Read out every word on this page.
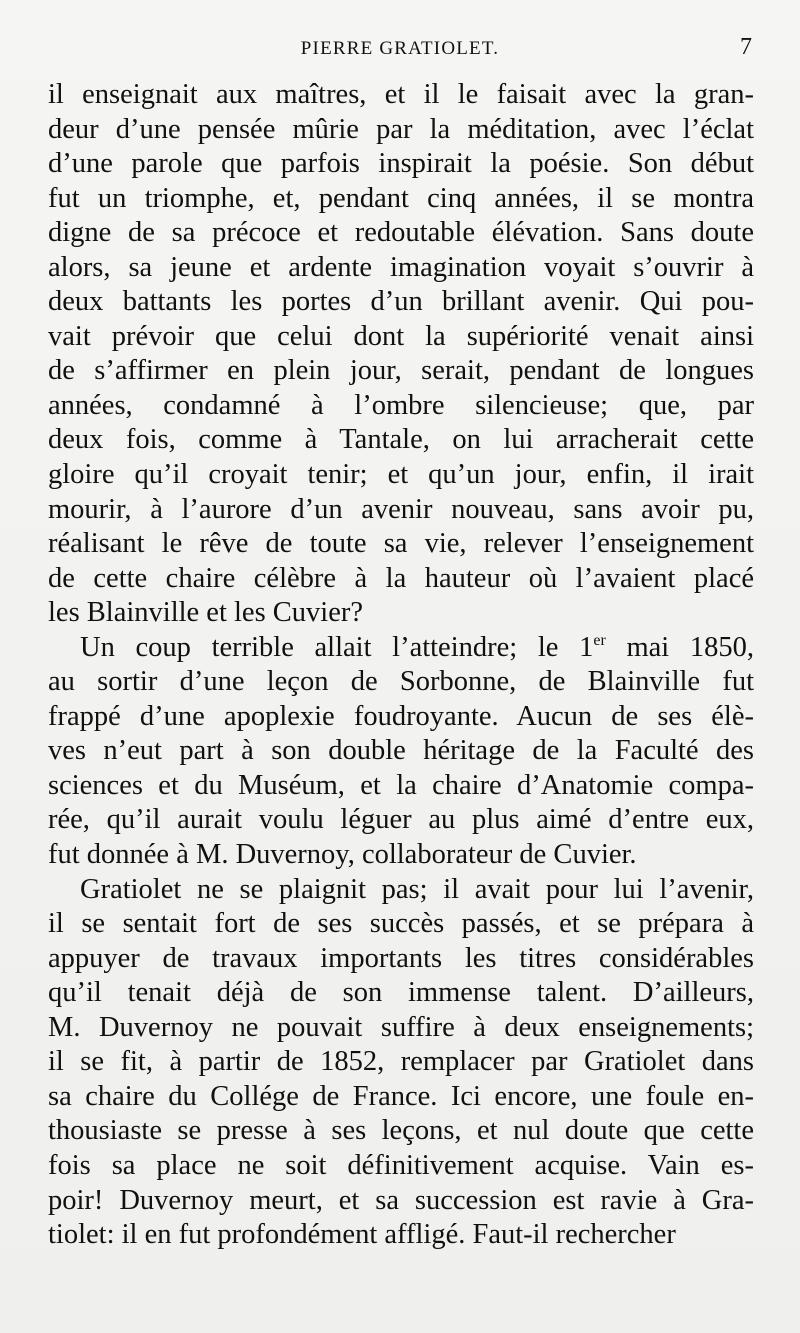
PIERRE GRATIOLET.	7
il enseignait aux maîtres, et il le faisait avec la gran-
deur d’une pensée mûrie par la méditation, avec l’éclat
d’une parole que parfois inspirait la poésie. Son début
fut un triomphe, et, pendant cinq années, il se montra
digne de sa précoce et redoutable élévation. Sans doute
alors, sa jeune et ardente imagination voyait s’ouvrir à
deux battants les portes d’un brillant avenir. Qui pou-
vait prévoir que celui dont la supériorité venait ainsi
de s’affirmer en plein jour, serait, pendant de longues
années, condamné à l’ombre silencieuse; que, par
deux fois, comme à Tantale, on lui arracherait cette
gloire qu’il croyait tenir; et qu’un jour, enfin, il irait
mourir, à l’aurore d’un avenir nouveau, sans avoir pu,
réalisant le rêve de toute sa vie, relever l’enseignement
de cette chaire célèbre à la hauteur où l’avaient placé
les Blainville et les Cuvier?
Un coup terrible allait l’atteindre; le 1er mai 1850,
au sortir d’une leçon de Sorbonne, de Blainville fut
frappé d’une apoplexie foudroyante. Aucun de ses élè-
ves n’eut part à son double héritage de la Faculté des
sciences et du Muséum, et la chaire d’Anatomie compa-
rée, qu’il aurait voulu léguer au plus aimé d’entre eux,
fut donnée à M. Duvernoy, collaborateur de Cuvier.
Gratiolet ne se plaignit pas; il avait pour lui l’avenir,
il se sentait fort de ses succès passés, et se prépara à
appuyer de travaux importants les titres considérables
qu’il tenait déjà de son immense talent. D’ailleurs,
M. Duvernoy ne pouvait suffire à deux enseignements;
il se fit, à partir de 1852, remplacer par Gratiolet dans
sa chaire du Collége de France. Ici encore, une foule en-
thousiaste se presse à ses leçons, et nul doute que cette
fois sa place ne soit définitivement acquise. Vain es-
poir! Duvernoy meurt, et sa succession est ravie à Gra-
tiolet: il en fut profondément affligé. Faut-il rechercher
